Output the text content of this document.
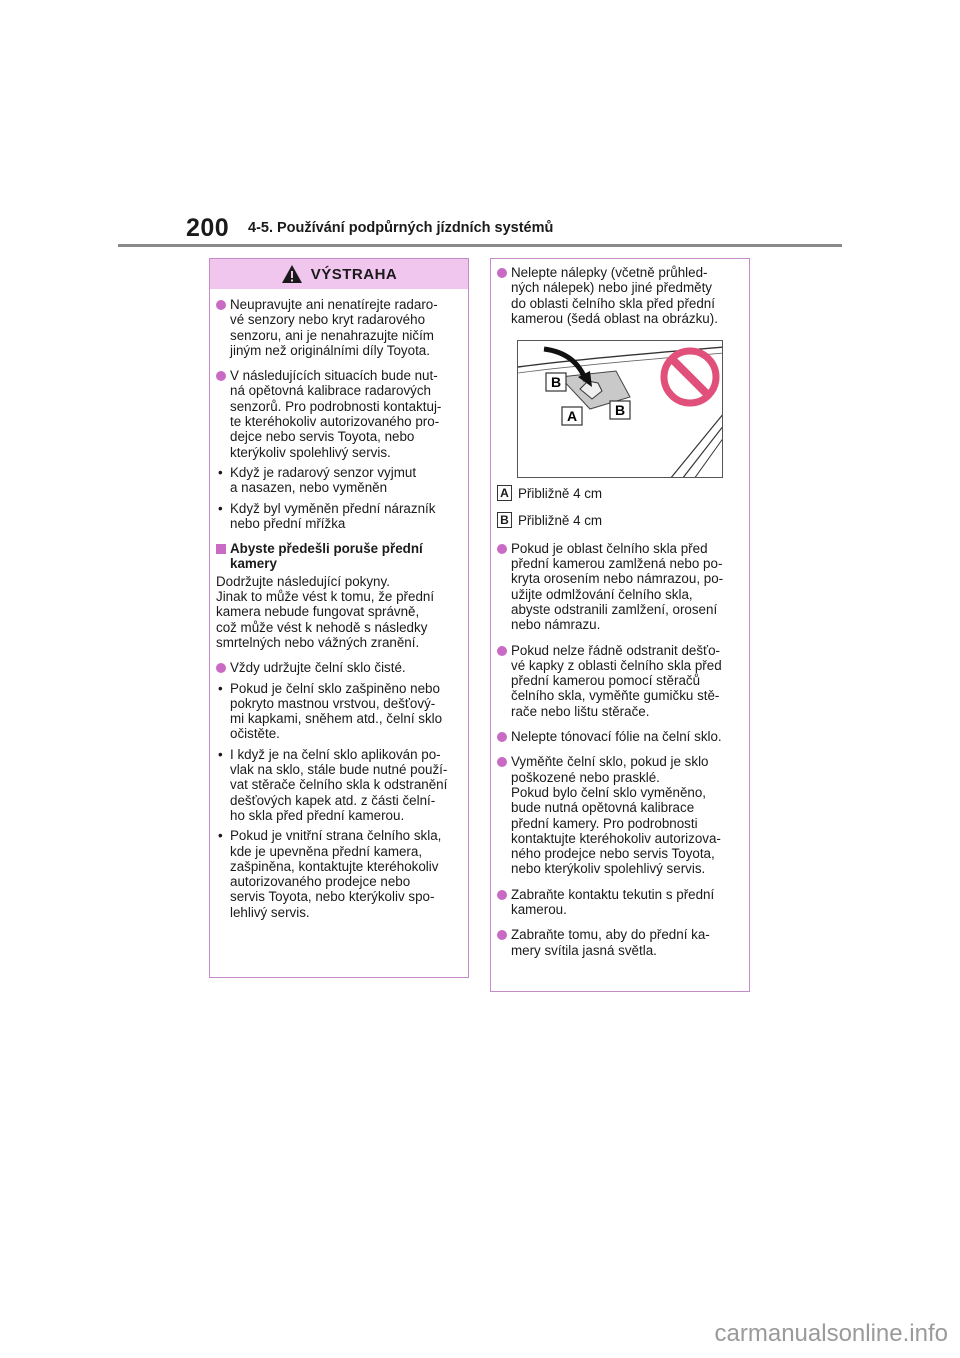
200 4-5. Používání podpůrných jízdních systémů
VÝSTRAHA
Neupravujte ani nenatírejte radaro-
vé senzory nebo kryt radarového
senzoru, ani je nenahrazujte ničím
jiným než originálními díly Toyota.
V následujících situacích bude nut-
ná opětovná kalibrace radarových
senzorů. Pro podrobnosti kontaktuj-
te kteréhokoliv autorizovaného pro-
dejce nebo servis Toyota, nebo
kterýkoliv spolehlivý servis.
• Když je radarový senzor vyjmut
a nasazen, nebo vyměněn
• Když byl vyměněn přední nárazník
nebo přední mřížka
Abyste předešli poruše přední
kamery
Dodržujte následující pokyny.
Jinak to může vést k tomu, že přední
kamera nebude fungovat správně,
což může vést k nehodě s následky
smrtelných nebo vážných zranění.
Vždy udržujte čelní sklo čisté.
• Pokud je čelní sklo zašpiněno nebo
pokryto mastnou vrstvou, dešťový-
mi kapkami, sněhem atd., čelní sklo
očistěte.
• I když je na čelní sklo aplikován po-
vlak na sklo, stále bude nutné použí-
vat stěrače čelního skla k odstranění
dešťových kapek atd. z části čelní-
ho skla před přední kamerou.
• Pokud je vnitřní strana čelního skla,
kde je upevněna přední kamera,
zašpiněna, kontaktujte kteréhokoliv
autorizovaného prodejce nebo
servis Toyota, nebo kterýkoliv spo-
lehlivý servis.
Nelepte nálepky (včetně průhled-
ných nálepek) nebo jiné předměty
do oblasti čelního skla před přední
kamerou (šedá oblast na obrázku).
B
A	B
A Přibližně 4 cm
B Přibližně 4 cm
Pokud je oblast čelního skla před
přední kamerou zamlžená nebo po-
kryta orosením nebo námrazou, po-
užijte odmlžování čelního skla,
abyste odstranili zamlžení, orosení
nebo námrazu.
Pokud nelze řádně odstranit dešťo-
vé kapky z oblasti čelního skla před
přední kamerou pomocí stěračů
čelního skla, vyměňte gumičku stě-
rače nebo lištu stěrače.
Nelepte tónovací fólie na čelní sklo.
Vyměňte čelní sklo, pokud je sklo
poškozené nebo prasklé.
Pokud bylo čelní sklo vyměněno,
bude nutná opětovná kalibrace
přední kamery. Pro podrobnosti
kontaktujte kteréhokoliv autorizova-
ného prodejce nebo servis Toyota,
nebo kterýkoliv spolehlivý servis.
Zabraňte kontaktu tekutin s přední
kamerou.
Zabraňte tomu, aby do přední ka-
mery svítila jasná světla.
carmanualsonline.info
